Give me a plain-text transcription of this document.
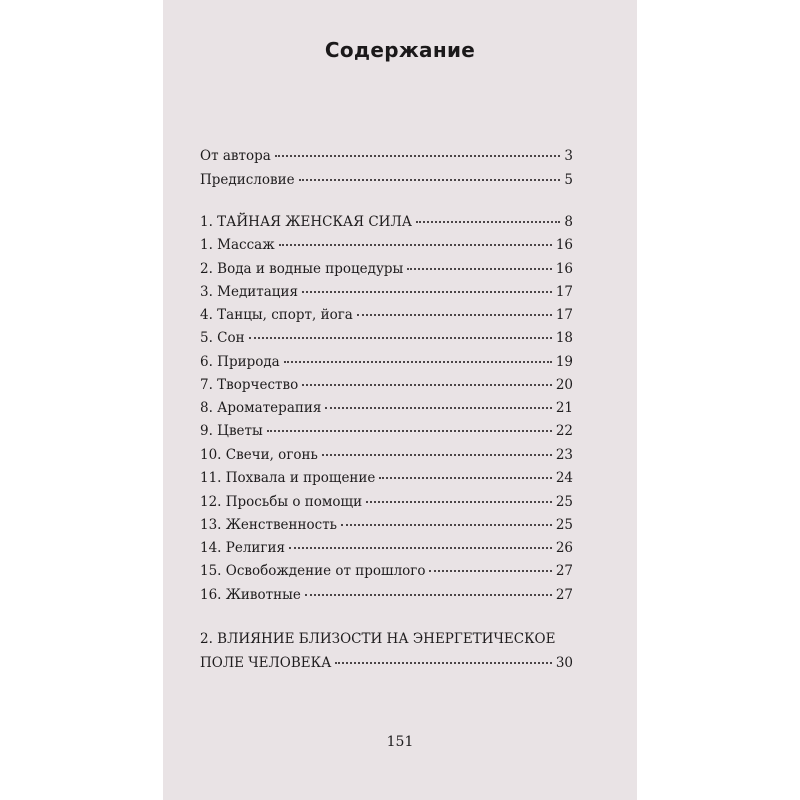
Содержание
От автора	3
Предисловие	5
1. ТАЙНАЯ ЖЕНСКАЯ СИЛА	8
1. Массаж	16
2. Вода и водные процедуры	16
3. Медитация	17
4. Танцы, спорт, йога	17
5. Сон	18
6. Природа	19
7. Творчество	20
8. Ароматерапия	21
9. Цветы	22
10. Свечи, огонь	23
11. Похвала и прощение	24
12. Просьбы о помощи	25
13. Женственность	25
14. Религия	26
15. Освобождение от прошлого	27
16. Животные	27
2. ВЛИЯНИЕ БЛИЗОСТИ НА ЭНЕРГЕТИЧЕСКОЕ
ПОЛЕ ЧЕЛОВЕКА	30
151
